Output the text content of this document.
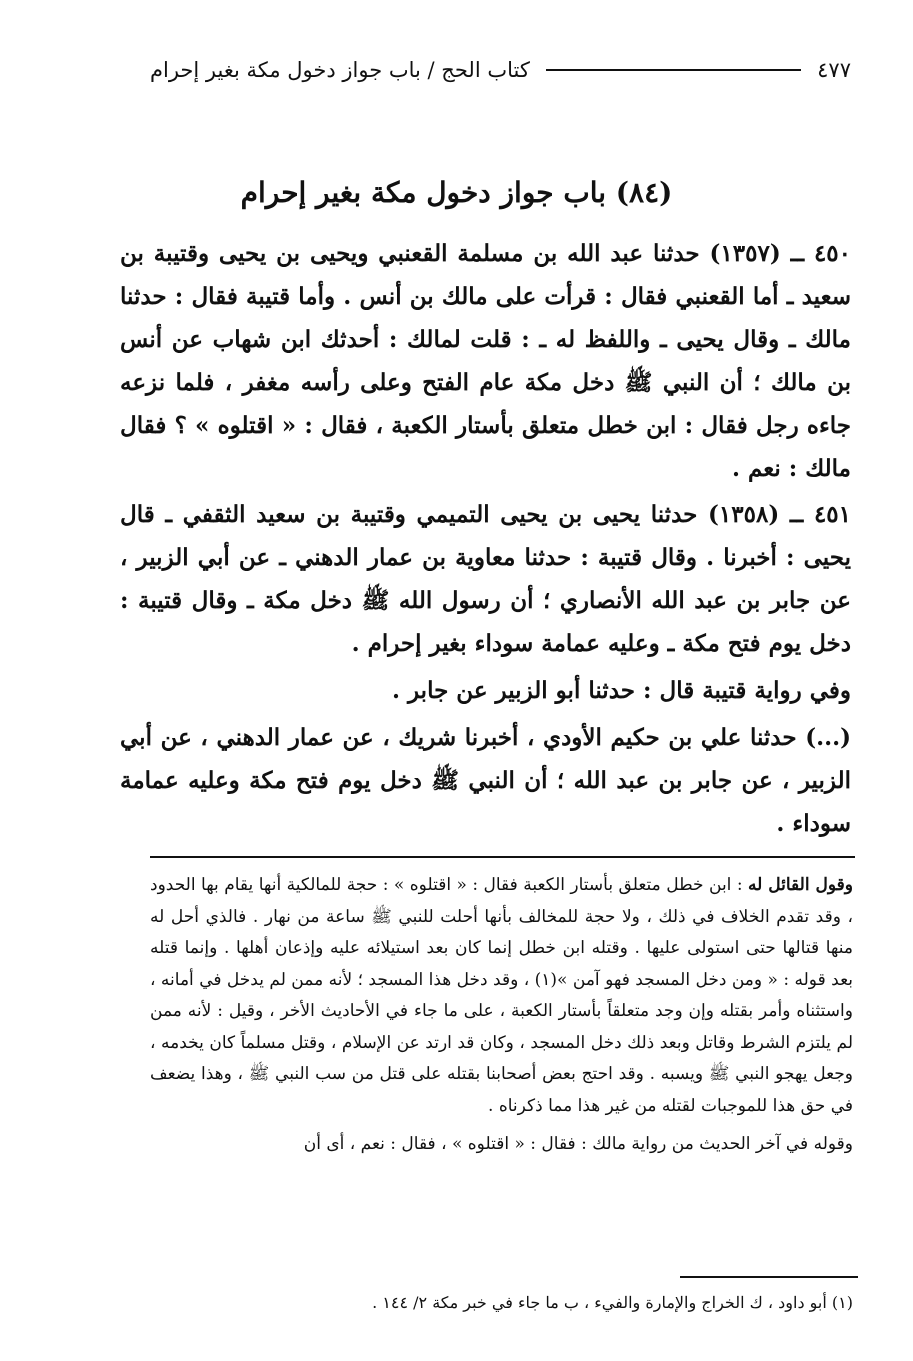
كتاب الحج / باب جواز دخول مكة بغير إحرام	٤٧٧
(٨٤) باب جواز دخول مكة بغير إحرام

٤٥٠ ــ (١٣٥٧) حدثنا عبد الله بن مسلمة القعنبي ويحيى بن يحيى وقتيبة بن سعيد ـ أما القعنبي فقال : قرأت على مالك بن أنس . وأما قتيبة فقال : حدثنا مالك ـ وقال يحيى ـ واللفظ له ـ : قلت لمالك : أحدثك ابن شهاب عن أنس بن مالك ؛ أن النبي ﷺ دخل مكة عام الفتح وعلى رأسه مغفر ، فلما نزعه جاءه رجل فقال : ابن خطل متعلق بأستار الكعبة ، فقال : « اقتلوه » ؟ فقال مالك : نعم .

٤٥١ ــ (١٣٥٨) حدثنا يحيى بن يحيى التميمي وقتيبة بن سعيد الثقفي ـ قال يحيى : أخبرنا . وقال قتيبة : حدثنا معاوية بن عمار الدهني ـ عن أبي الزبير ، عن جابر بن عبد الله الأنصاري ؛ أن رسول الله ﷺ دخل مكة ـ وقال قتيبة : دخل يوم فتح مكة ـ وعليه عمامة سوداء بغير إحرام .

وفي رواية قتيبة قال : حدثنا أبو الزبير عن جابر .

(...) حدثنا علي بن حكيم الأودي ، أخبرنا شريك ، عن عمار الدهني ، عن أبي الزبير ، عن جابر بن عبد الله ؛ أن النبي ﷺ دخل يوم فتح مكة وعليه عمامة سوداء .

وقول القائل له : ابن خطل متعلق بأستار الكعبة فقال : « اقتلوه » : حجة للمالكية أنها يقام بها الحدود ، وقد تقدم الخلاف في ذلك ، ولا حجة للمخالف بأنها أحلت للنبي ﷺ ساعة من نهار . فالذي أحل له منها قتالها حتى استولى عليها . وقتله ابن خطل إنما كان بعد استيلائه عليه وإذعان أهلها . وإنما قتله بعد قوله : « ومن دخل المسجد فهو آمن »(١) ، وقد دخل هذا المسجد ؛ لأنه ممن لم يدخل في أمانه ، واستثناه وأمر بقتله وإن وجد متعلقاً بأستار الكعبة ، على ما جاء في الأحاديث الأخر ، وقيل : لأنه ممن لم يلتزم الشرط وقاتل وبعد ذلك دخل المسجد ، وكان قد ارتد عن الإسلام ، وقتل مسلماً كان يخدمه ، وجعل يهجو النبي ﷺ ويسبه . وقد احتج بعض أصحابنا بقتله على قتل من سب النبي ﷺ ، وهذا يضعف في حق هذا للموجبات لقتله من غير هذا مما ذكرناه .

وقوله في آخر الحديث من رواية مالك : فقال : « اقتلوه » ، فقال : نعم ، أى أن

(١) أبو داود ، ك الخراج والإمارة والفيء ، ب ما جاء في خبر مكة ٢/ ١٤٤ .
